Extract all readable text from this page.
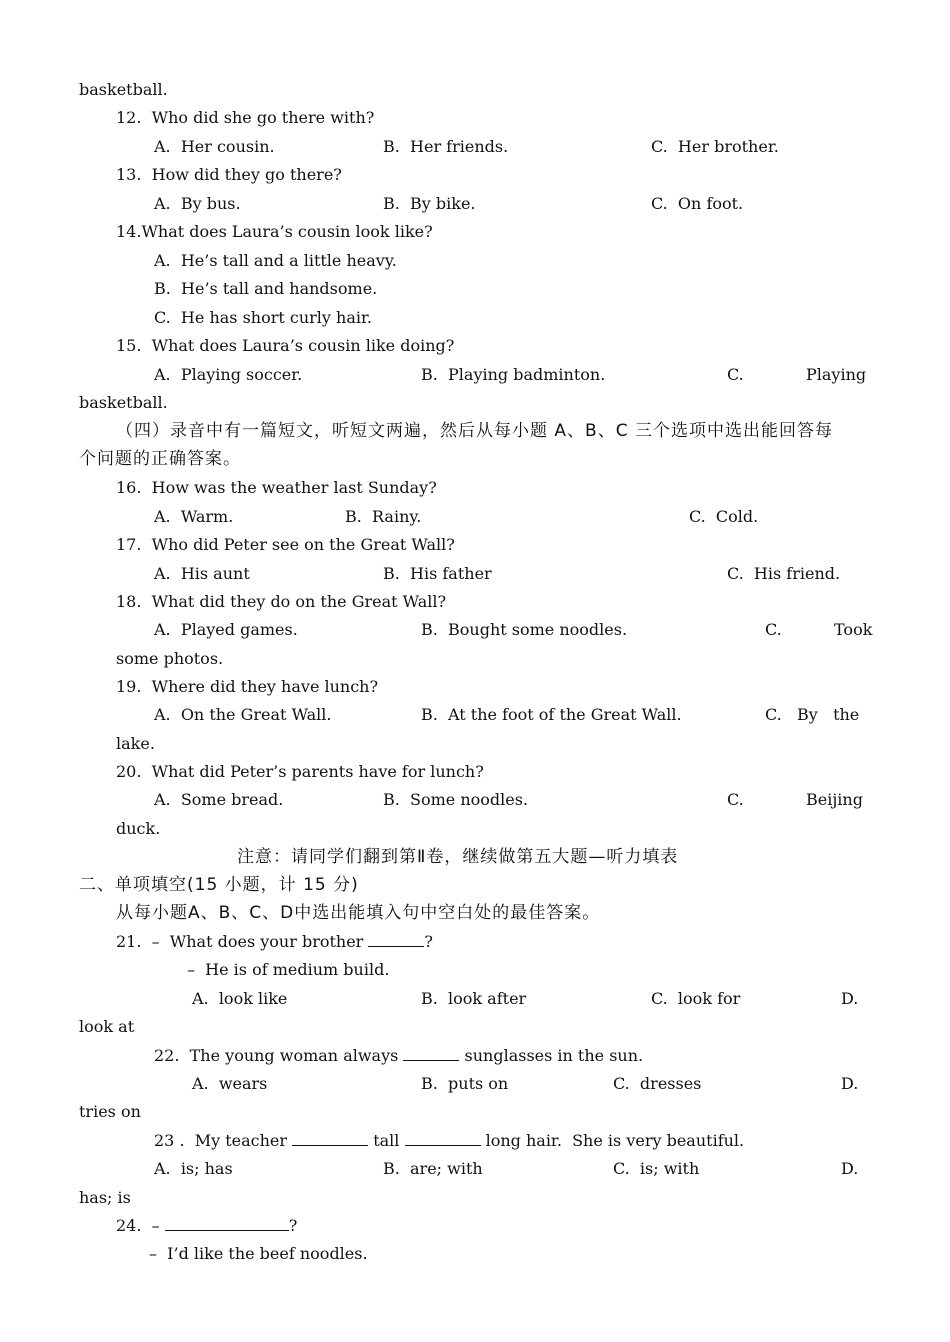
basketball.
12.  Who did she go there with?
A.  Her cousin.	B.  Her friends.	C.  Her brother.
13.  How did they go there?
A.  By bus.	B.  By bike.	C.  On foot.
14.What does Laura’s cousin look like?
A.  He’s tall and a little heavy.
B.  He’s tall and handsome.
C.  He has short curly hair.
15.  What does Laura’s cousin like doing?
A.  Playing soccer.	B.  Playing badminton.	C.	Playing
basketball.
（四）录音中有一篇短文，听短文两遍，然后从每小题 A、B、C 三个选项中选出能回答每
个问题的正确答案。
16.  How was the weather last Sunday?
A.  Warm.	B.  Rainy.	C.  Cold.
17.  Who did Peter see on the Great Wall?
A.  His aunt	B.  His father	C.  His friend.
18.  What did they do on the Great Wall?
A.  Played games.	B.  Bought some noodles.	C.	Took
some photos.
19.  Where did they have lunch?
A.  On the Great Wall.	B.  At the foot of the Great Wall.	C.   By   the
lake.
20.  What did Peter’s parents have for lunch?
A.  Some bread.	B.  Some noodles.	C.	Beijing
duck.
注意：请同学们翻到第Ⅱ卷，继续做第五大题—听力填表
二、单项填空(15 小题，计 15 分)
从每小题A、B、C、D中选出能填入句中空白处的最佳答案。
21.  –  What does your brother	?
–  He is of medium build.
A.  look like	B.  look after	C.  look for	D.
look at
22.  The young woman always	sunglasses in the sun.
A.  wears	B.  puts on	C.  dresses	D.
tries on
23 .  My teacher	tall	long hair.  She is very beautiful.
A.  is; has	B.  are; with	C.  is; with	D.
has; is
24.  –	?
–  I’d like the beef noodles.
